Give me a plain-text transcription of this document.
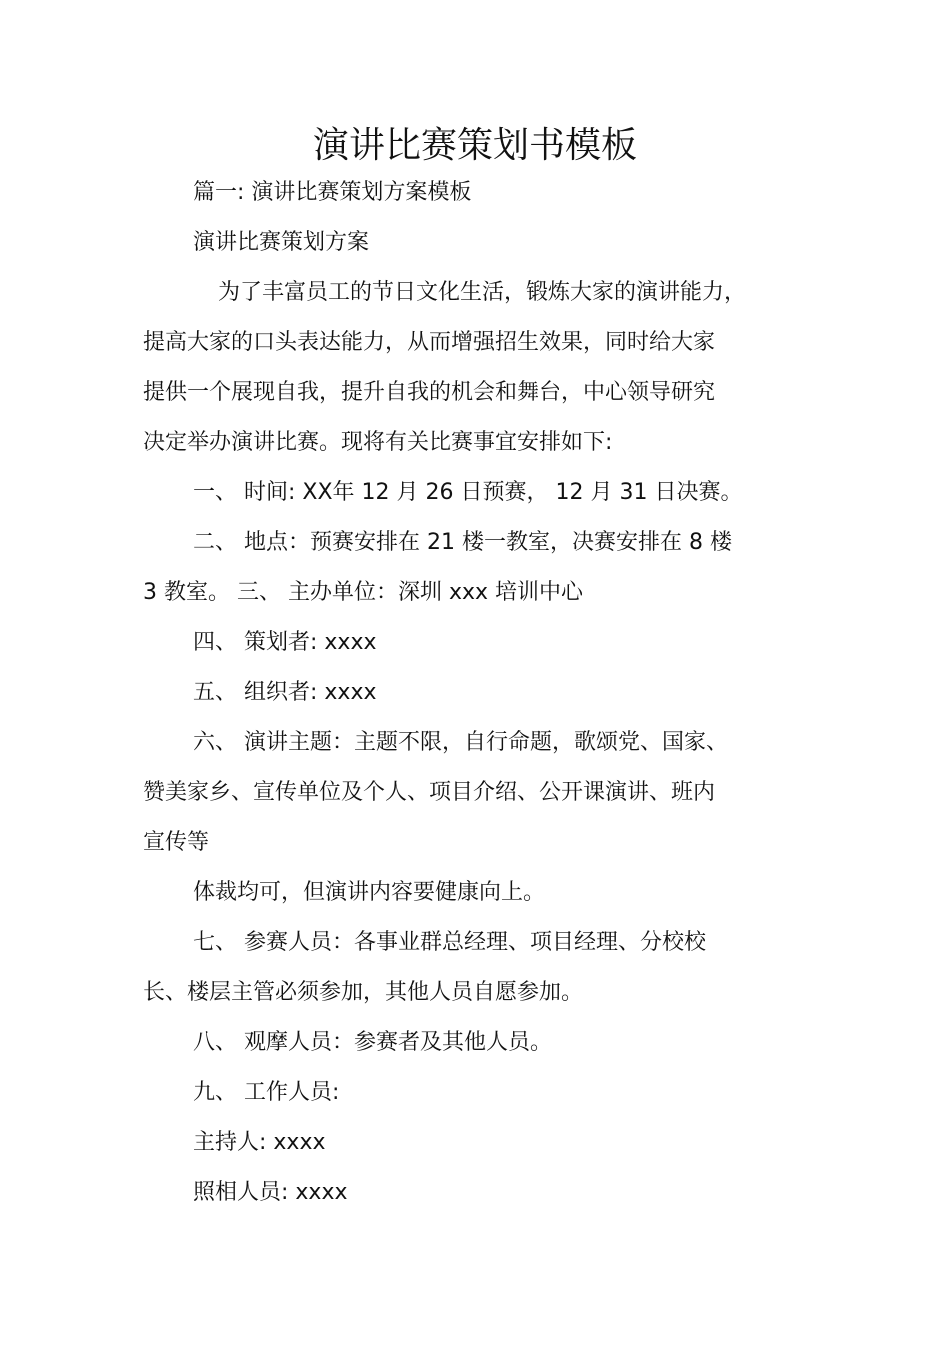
演讲比赛策划书模板
篇一: 演讲比赛策划方案模板
演讲比赛策划方案
为了丰富员工的节日文化生活，锻炼大家的演讲能力，
提高大家的口头表达能力，从而增强招生效果，同时给大家
提供一个展现自我，提升自我的机会和舞台，中心领导研究
决定举办演讲比赛。现将有关比赛事宜安排如下:
一、 时间: XX年 12 月 26 日预赛， 12 月 31 日决赛。
二、 地点：预赛安排在 21 楼一教室，决赛安排在 8 楼
3 教室。 三、 主办单位：深圳 xxx 培训中心
四、 策划者: xxxx
五、 组织者: xxxx
六、 演讲主题：主题不限，自行命题，歌颂党、国家、
赞美家乡、宣传单位及个人、项目介绍、公开课演讲、班内
宣传等
体裁均可，但演讲内容要健康向上。
七、 参赛人员：各事业群总经理、项目经理、分校校
长、楼层主管必须参加，其他人员自愿参加。
八、 观摩人员：参赛者及其他人员。
九、 工作人员:
主持人: xxxx
照相人员: xxxx
